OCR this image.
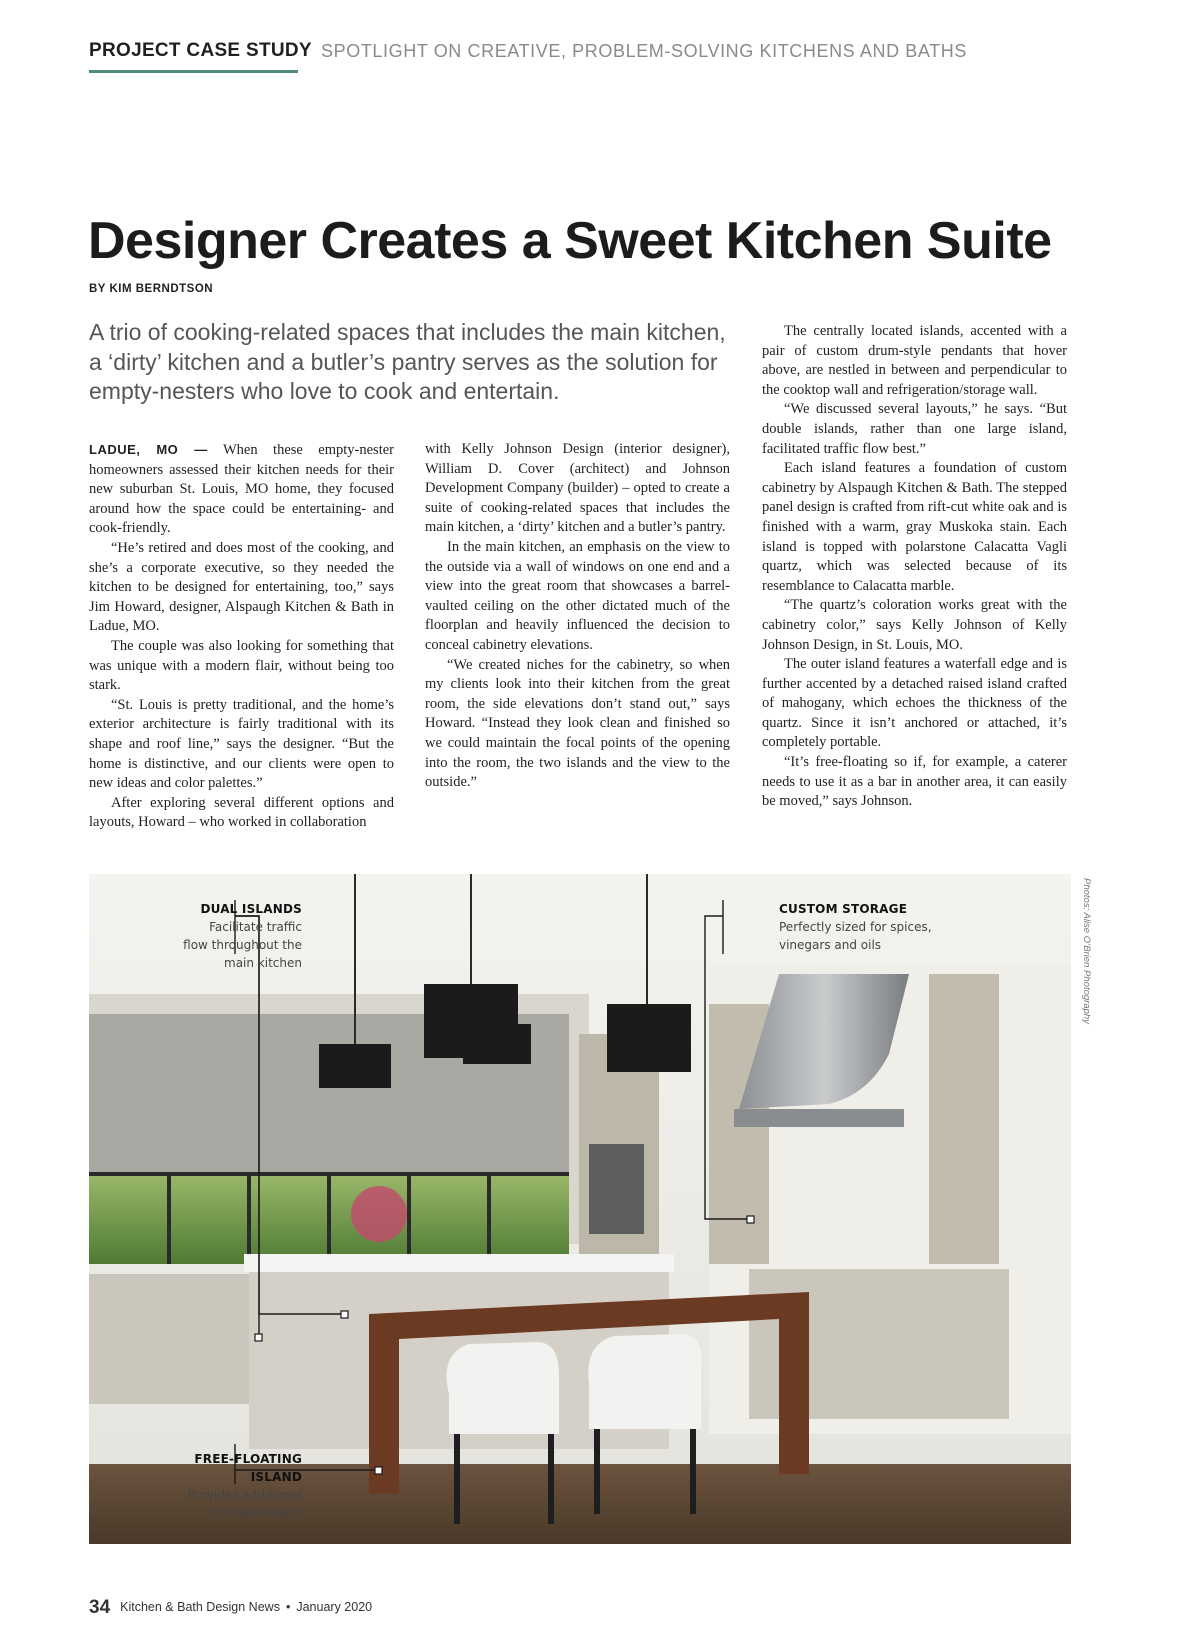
PROJECT CASE STUDY SPOTLIGHT ON CREATIVE, PROBLEM-SOLVING KITCHENS AND BATHS
Designer Creates a Sweet Kitchen Suite
BY KIM BERNDTSON
A trio of cooking-related spaces that includes the main kitchen, a ‘dirty’ kitchen and a butler’s pantry serves as the solution for empty-nesters who love to cook and entertain.

LADUE, MO — When these empty-nester homeowners assessed their kitchen needs for their new suburban St. Louis, MO home, they focused around how the space could be entertaining- and cook-friendly.

“He’s retired and does most of the cooking, and she’s a corporate executive, so they needed the kitchen to be designed for entertaining, too,” says Jim Howard, designer, Alspaugh Kitchen & Bath in Ladue, MO.

The couple was also looking for something that was unique with a modern flair, without being too stark.

“St. Louis is pretty traditional, and the home’s exterior architecture is fairly traditional with its shape and roof line,” says the designer. “But the home is distinctive, and our clients were open to new ideas and color palettes.”

After exploring several different options and layouts, Howard – who worked in collaboration

with Kelly Johnson Design (interior designer), William D. Cover (architect) and Johnson Development Company (builder) – opted to create a suite of cooking-related spaces that includes the main kitchen, a ‘dirty’ kitchen and a butler’s pantry.

In the main kitchen, an emphasis on the view to the outside via a wall of windows on one end and a view into the great room that showcases a barrel-vaulted ceiling on the other dictated much of the floorplan and heavily influenced the decision to conceal cabinetry elevations.

“We created niches for the cabinetry, so when my clients look into their kitchen from the great room, the side elevations don’t stand out,” says Howard. “Instead they look clean and finished so we could maintain the focal points of the opening into the room, the two islands and the view to the outside.”

The centrally located islands, accented with a pair of custom drum-style pendants that hover above, are nestled in between and perpendicular to the cooktop wall and refrigeration/storage wall.

“We discussed several layouts,” he says. “But double islands, rather than one large island, facilitated traffic flow best.”

Each island features a foundation of custom cabinetry by Alspaugh Kitchen & Bath. The stepped panel design is crafted from rift-cut white oak and is finished with a warm, gray Muskoka stain. Each island is topped with polarstone Calacatta Vagli quartz, which was selected because of its resemblance to Calacatta marble.

“The quartz’s coloration works great with the cabinetry color,” says Kelly Johnson of Kelly Johnson Design, in St. Louis, MO.

The outer island features a waterfall edge and is further accented by a detached raised island crafted of mahogany, which echoes the thickness of the quartz. Since it isn’t anchored or attached, it’s completely portable.

“It’s free-floating so if, for example, a caterer needs to use it as a bar in another area, it can easily be moved,” says Johnson.

DUAL ISLANDS
Facilitate traffic
flow throughout the
main kitchen
CUSTOM STORAGE
Perfectly sized for spices,
vinegars and oils
FREE-FLOATING
ISLAND
Provides additional
portable space
Photos: Alise O’Brien Photography
34 Kitchen & Bath Design News • January 2020
